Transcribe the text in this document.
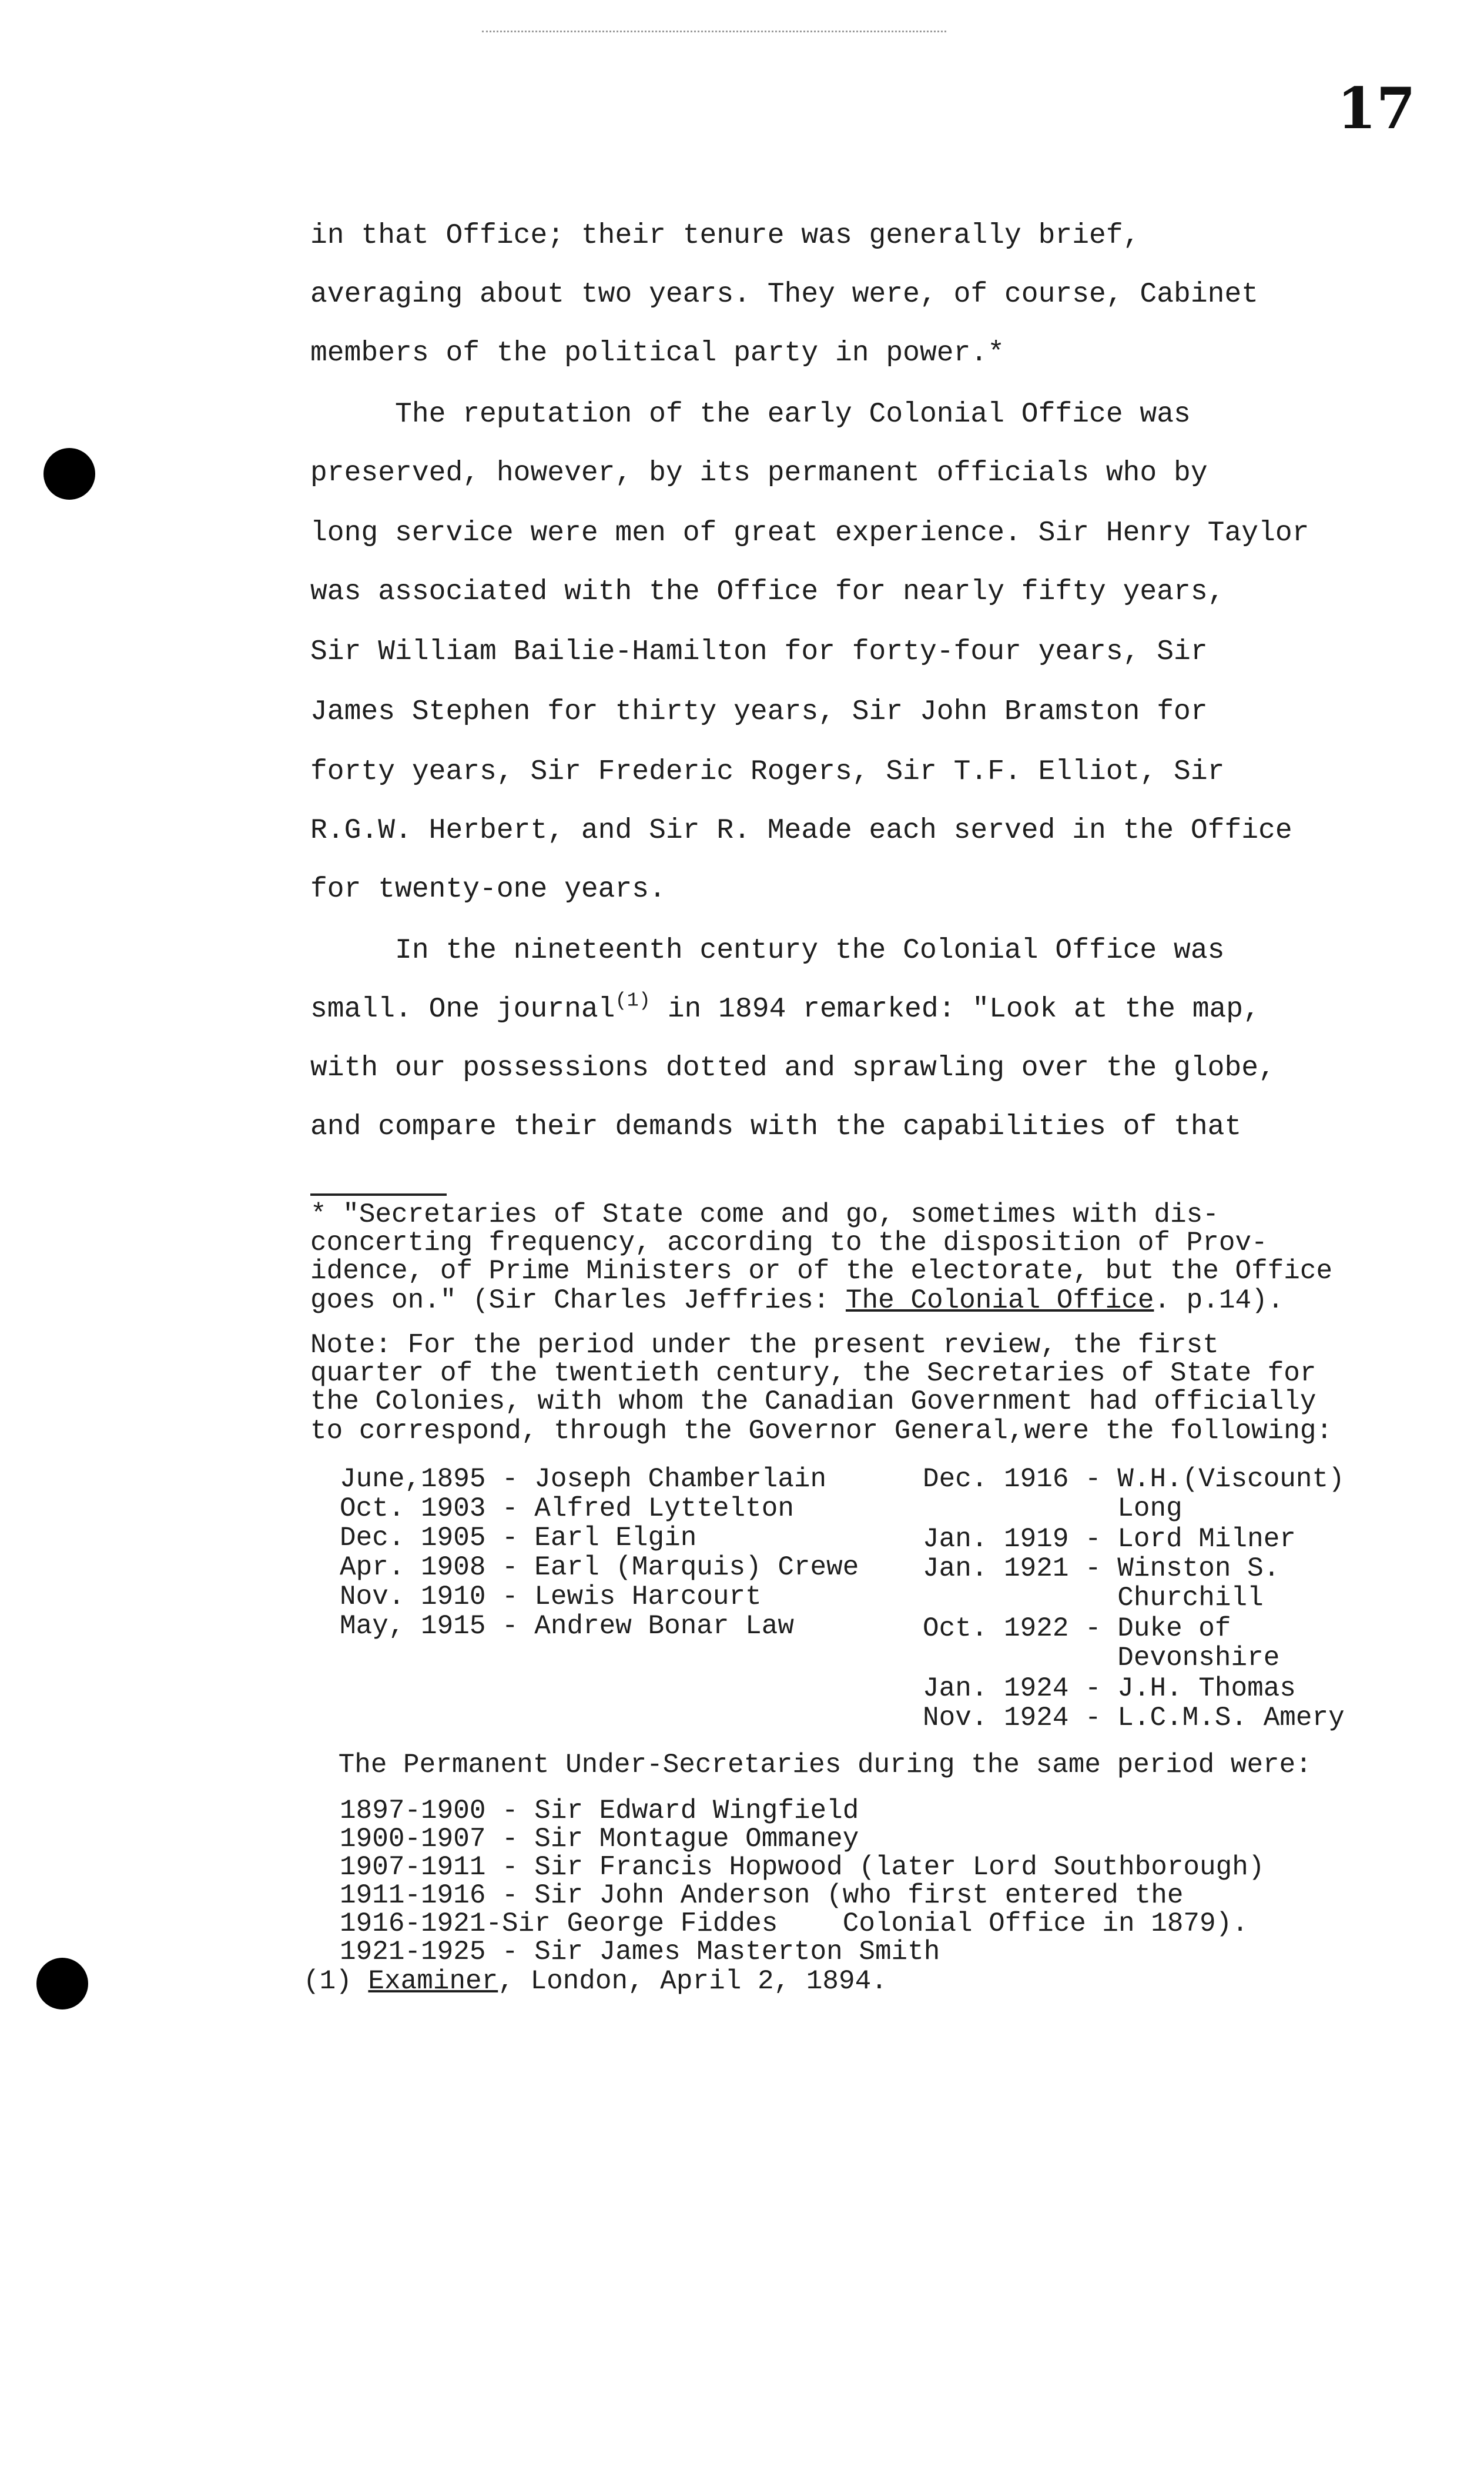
17

in that Office; their tenure was generally brief,

averaging about two years. They were, of course, Cabinet

members of the political party in power.*

The reputation of the early Colonial Office was

preserved, however, by its permanent officials who by

long service were men of great experience. Sir Henry Taylor

was associated with the Office for nearly fifty years,

Sir William Bailie-Hamilton for forty-four years, Sir

James Stephen for thirty years, Sir John Bramston for

forty years, Sir Frederic Rogers, Sir T.F. Elliot, Sir

R.G.W. Herbert, and Sir R. Meade each served in the Office

for twenty-one years.

In the nineteenth century the Colonial Office was

small. One journal$^{(1)}$ in 1894 remarked: "Look at the map,

with our possessions dotted and sprawling over the globe,

and compare their demands with the capabilities of that

* "Secretaries of State come and go, sometimes with dis-

concerting frequency, according to the disposition of Prov-

idence, of Prime Ministers or of the electorate, but the Office

goes on." (Sir Charles Jeffries: The Colonial Office. p.14).

Note: For the period under the present review, the first

quarter of the twentieth century, the Secretaries of State for

the Colonies, with whom the Canadian Government had officially

to correspond, through the Governor General,were the following:

June,1895 - Joseph Chamberlain

Oct. 1903 - Alfred Lyttelton

Dec. 1905 - Earl Elgin

Apr. 1908 - Earl (Marquis) Crewe

Nov. 1910 - Lewis Harcourt

May, 1915 - Andrew Bonar Law

Dec. 1916 - W.H.(Viscount)

Long

Jan. 1919 - Lord Milner

Jan. 1921 - Winston S.

Churchill

Oct. 1922 - Duke of

Devonshire

Jan. 1924 - J.H. Thomas

Nov. 1924 - L.C.M.S. Amery

The Permanent Under-Secretaries during the same period were:

1897-1900 - Sir Edward Wingfield

1900-1907 - Sir Montague Ommaney

1907-1911 - Sir Francis Hopwood (later Lord Southborough)

1911-1916 - Sir John Anderson (who first entered the

1916-1921-Sir George Fiddes    Colonial Office in 1879).

1921-1925 - Sir James Masterton Smith

(1) Examiner, London, April 2, 1894.
